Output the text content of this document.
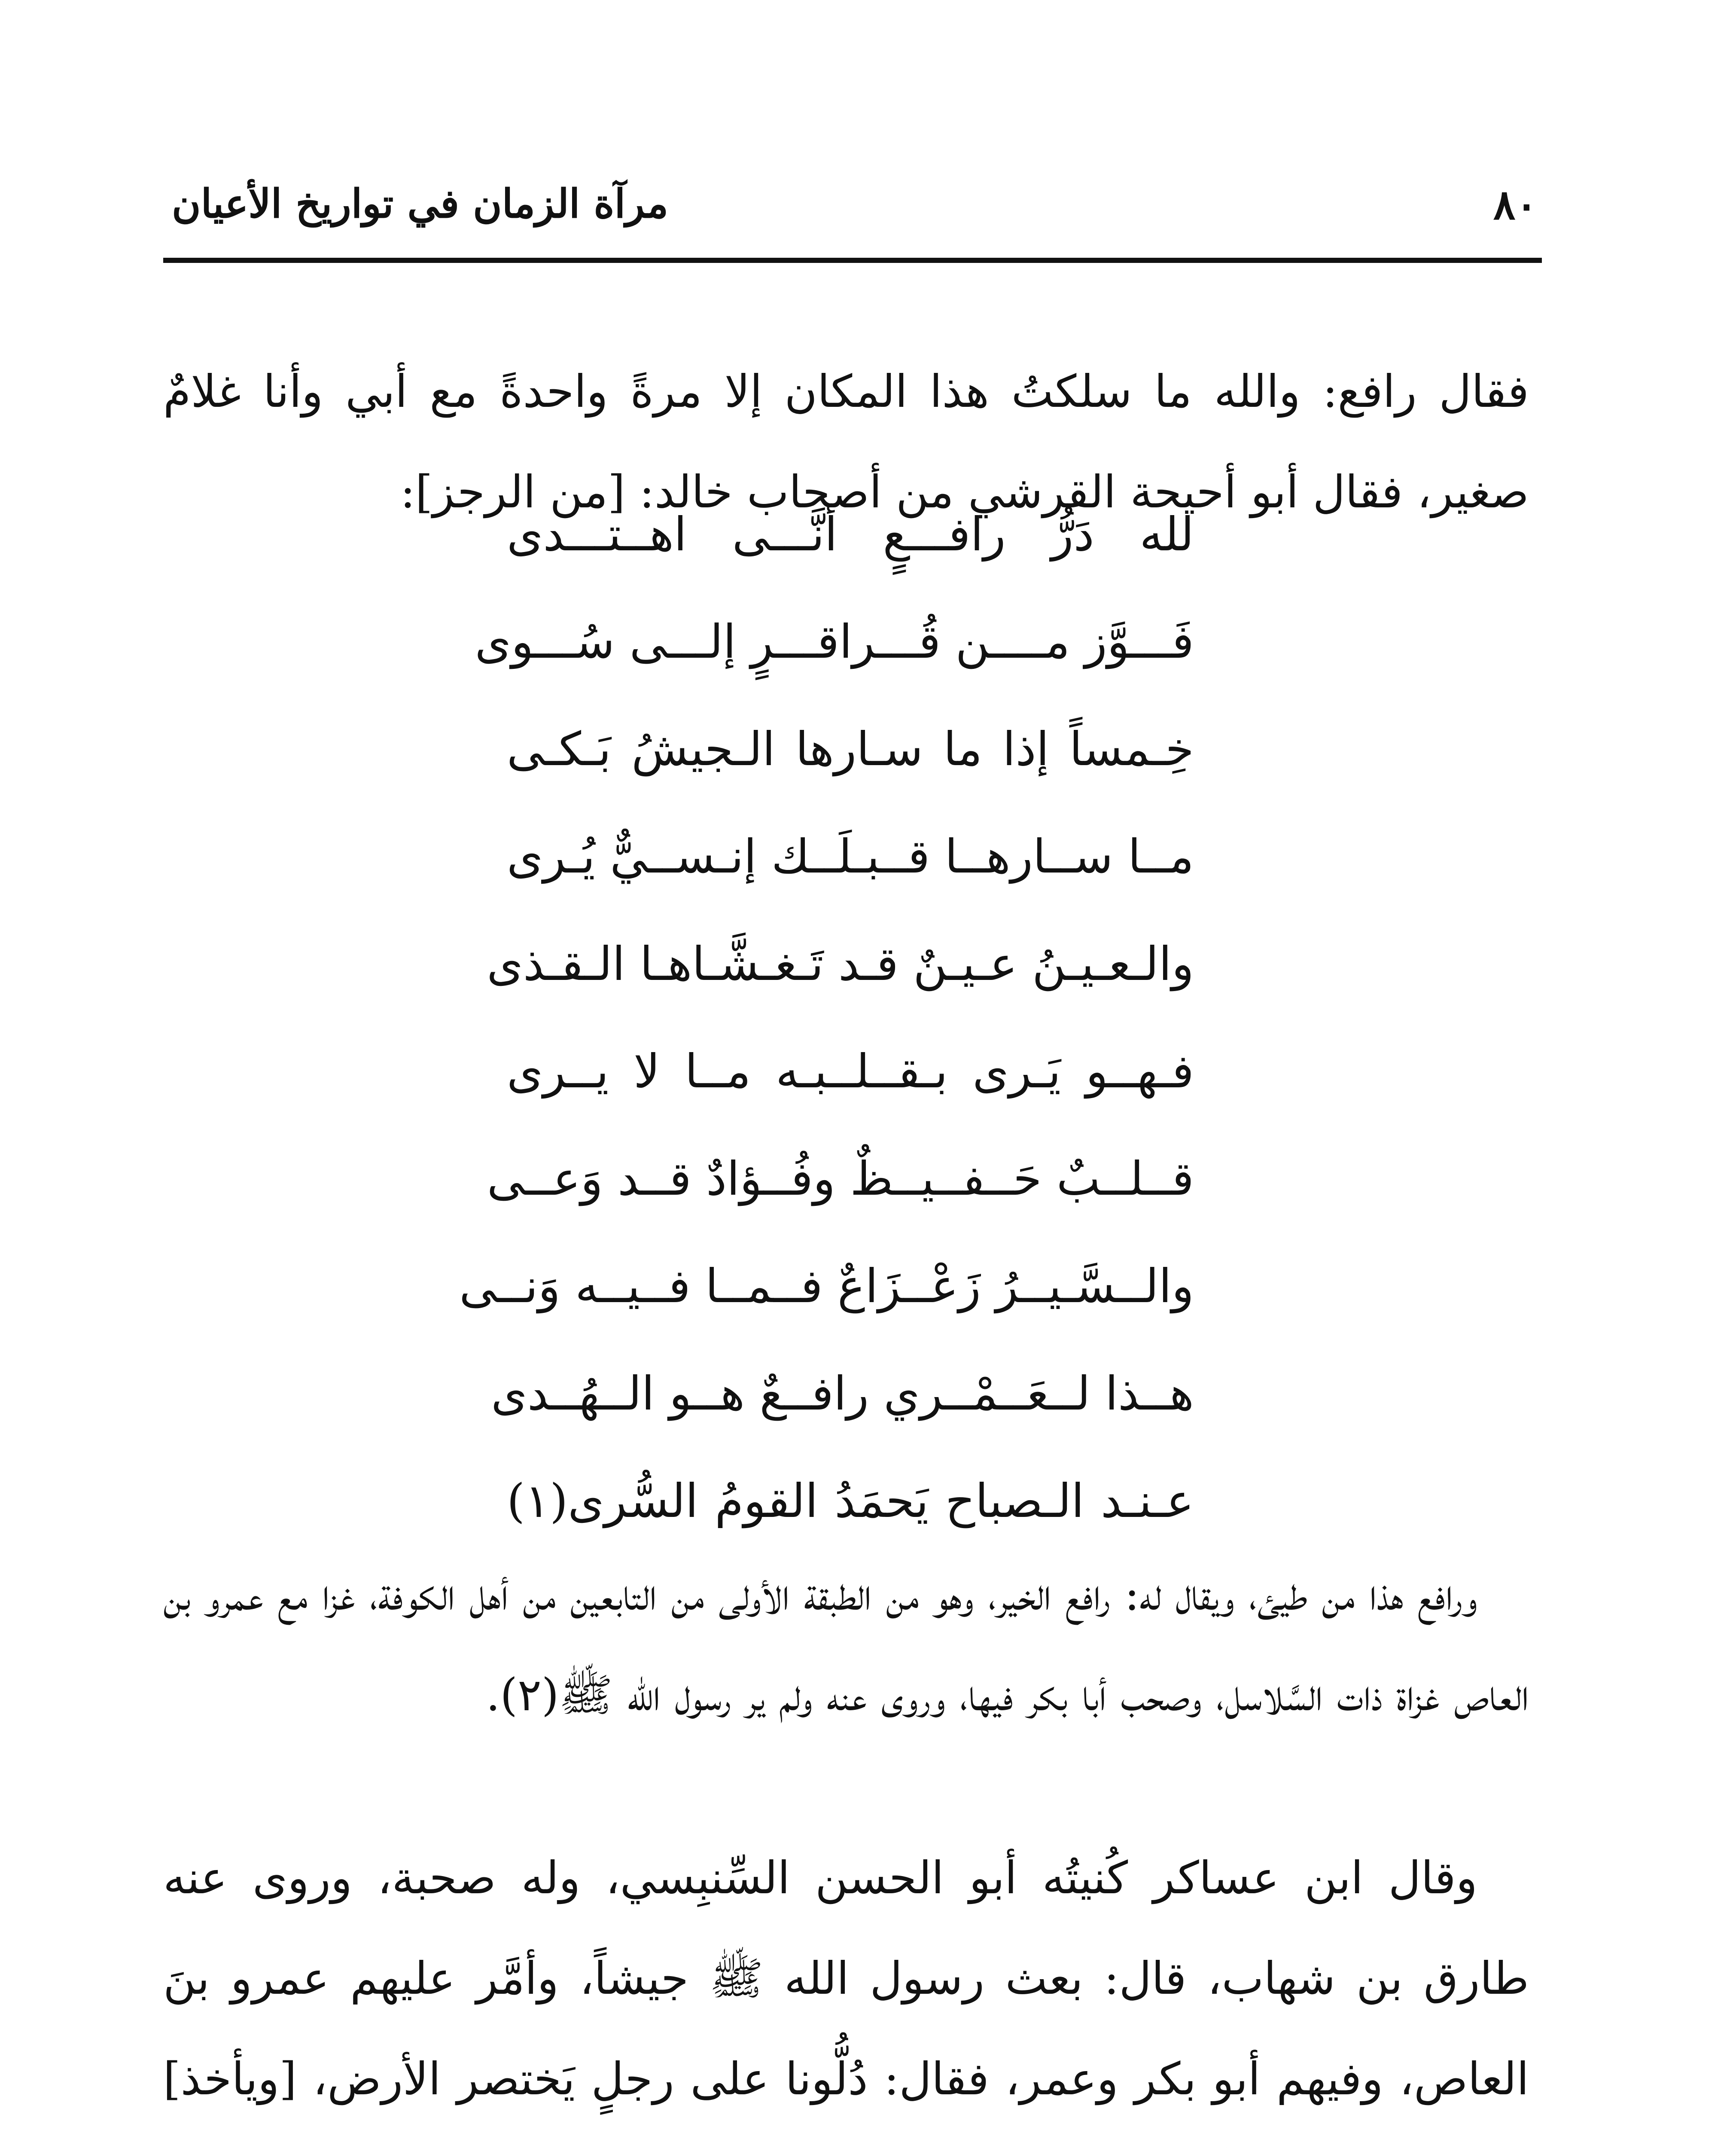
٨٠
مرآة الزمان في تواريخ الأعيان

فقال رافع: والله ما سلكتُ هذا المكان إلا مرةً واحدةً مع أبي وأنا غلامٌ صغير، فقال أبو أحيحة القرشي من أصحاب خالد: [من الرجز]:

لله دَرُّ رافـــعٍ أنَّـــى اهــتـــدى
فَـــوَّز مــــن قُـــراقـــرٍ إلـــى سُـــوى
خِـمساً إذا ما سـارها الـجيشُ بَـكـى
مــا ســارهــا قــبـلَــك إنـســيٌّ يُـرى
والـعـيـنُ عـيـنٌ قـد تَـغـشَّـاهـا الـقـذى
فـهــو يَـرى بـقــلــبـه مــا لا يــرى
قــلــبٌ حَــفــيــظٌ وفُــؤادٌ قــد وَعــى
والــسَّـيــرُ زَعْــزَاعٌ فــمــا فــيــه وَنــى
هــذا لــعَــمْــري رافــعٌ هــو الــهُــدى
عـنـد الـصباح يَحمَدُ القومُ السُّرى(١)

ورافع هذا من طيئ، ويقال له: رافع الخير، وهو من الطبقة الأولى من التابعين من أهل الكوفة، غزا مع عمرو بن العاص غزاة ذات السَّلاسل، وصحب أبا بكر فيها، وروى عنه ولم ير رسول الله ﷺ(٢).

وقال ابن عساكر كُنيتُه أبو الحسن السِّنبِسي، وله صحبة، وروى عنه طارق بن شهاب، قال: بعث رسول الله ﷺ جيشاً، وأمَّر عليهم عمرو بنَ العاص، وفيهم أبو بكر وعمر، فقال: دُلُّونا على رجلٍ يَختصر الأرض، [ويأخذ]
